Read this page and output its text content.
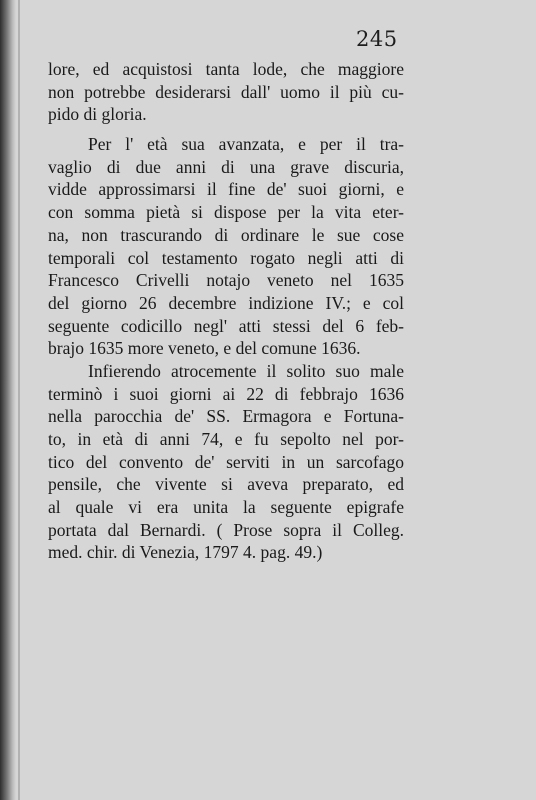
245
lore, ed acquistosi tanta lode, che maggiore
non potrebbe desiderarsi dall' uomo il più cu-
pido di gloria.
Per l' età sua avanzata, e per il tra-
vaglio di due anni di una grave discuria,
vidde approssimarsi il fine de' suoi giorni, e
con somma pietà si dispose per la vita eter-
na, non trascurando di ordinare le sue cose
temporali col testamento rogato negli atti di
Francesco Crivelli notajo veneto nel 1635
del giorno 26 decembre indizione IV.; e col
seguente codicillo negl' atti stessi del 6 feb-
brajo 1635 more veneto, e del comune 1636.
Infierendo atrocemente il solito suo male
terminò i suoi giorni ai 22 di febbrajo 1636
nella parocchia de' SS. Ermagora e Fortuna-
to, in età di anni 74, e fu sepolto nel por-
tico del convento de' serviti in un sarcofago
pensile, che vivente si aveva preparato, ed
al quale vi era unita la seguente epigrafe
portata dal Bernardi. ( Prose sopra il Colleg.
med. chir. di Venezia, 1797 4. pag. 49.)
